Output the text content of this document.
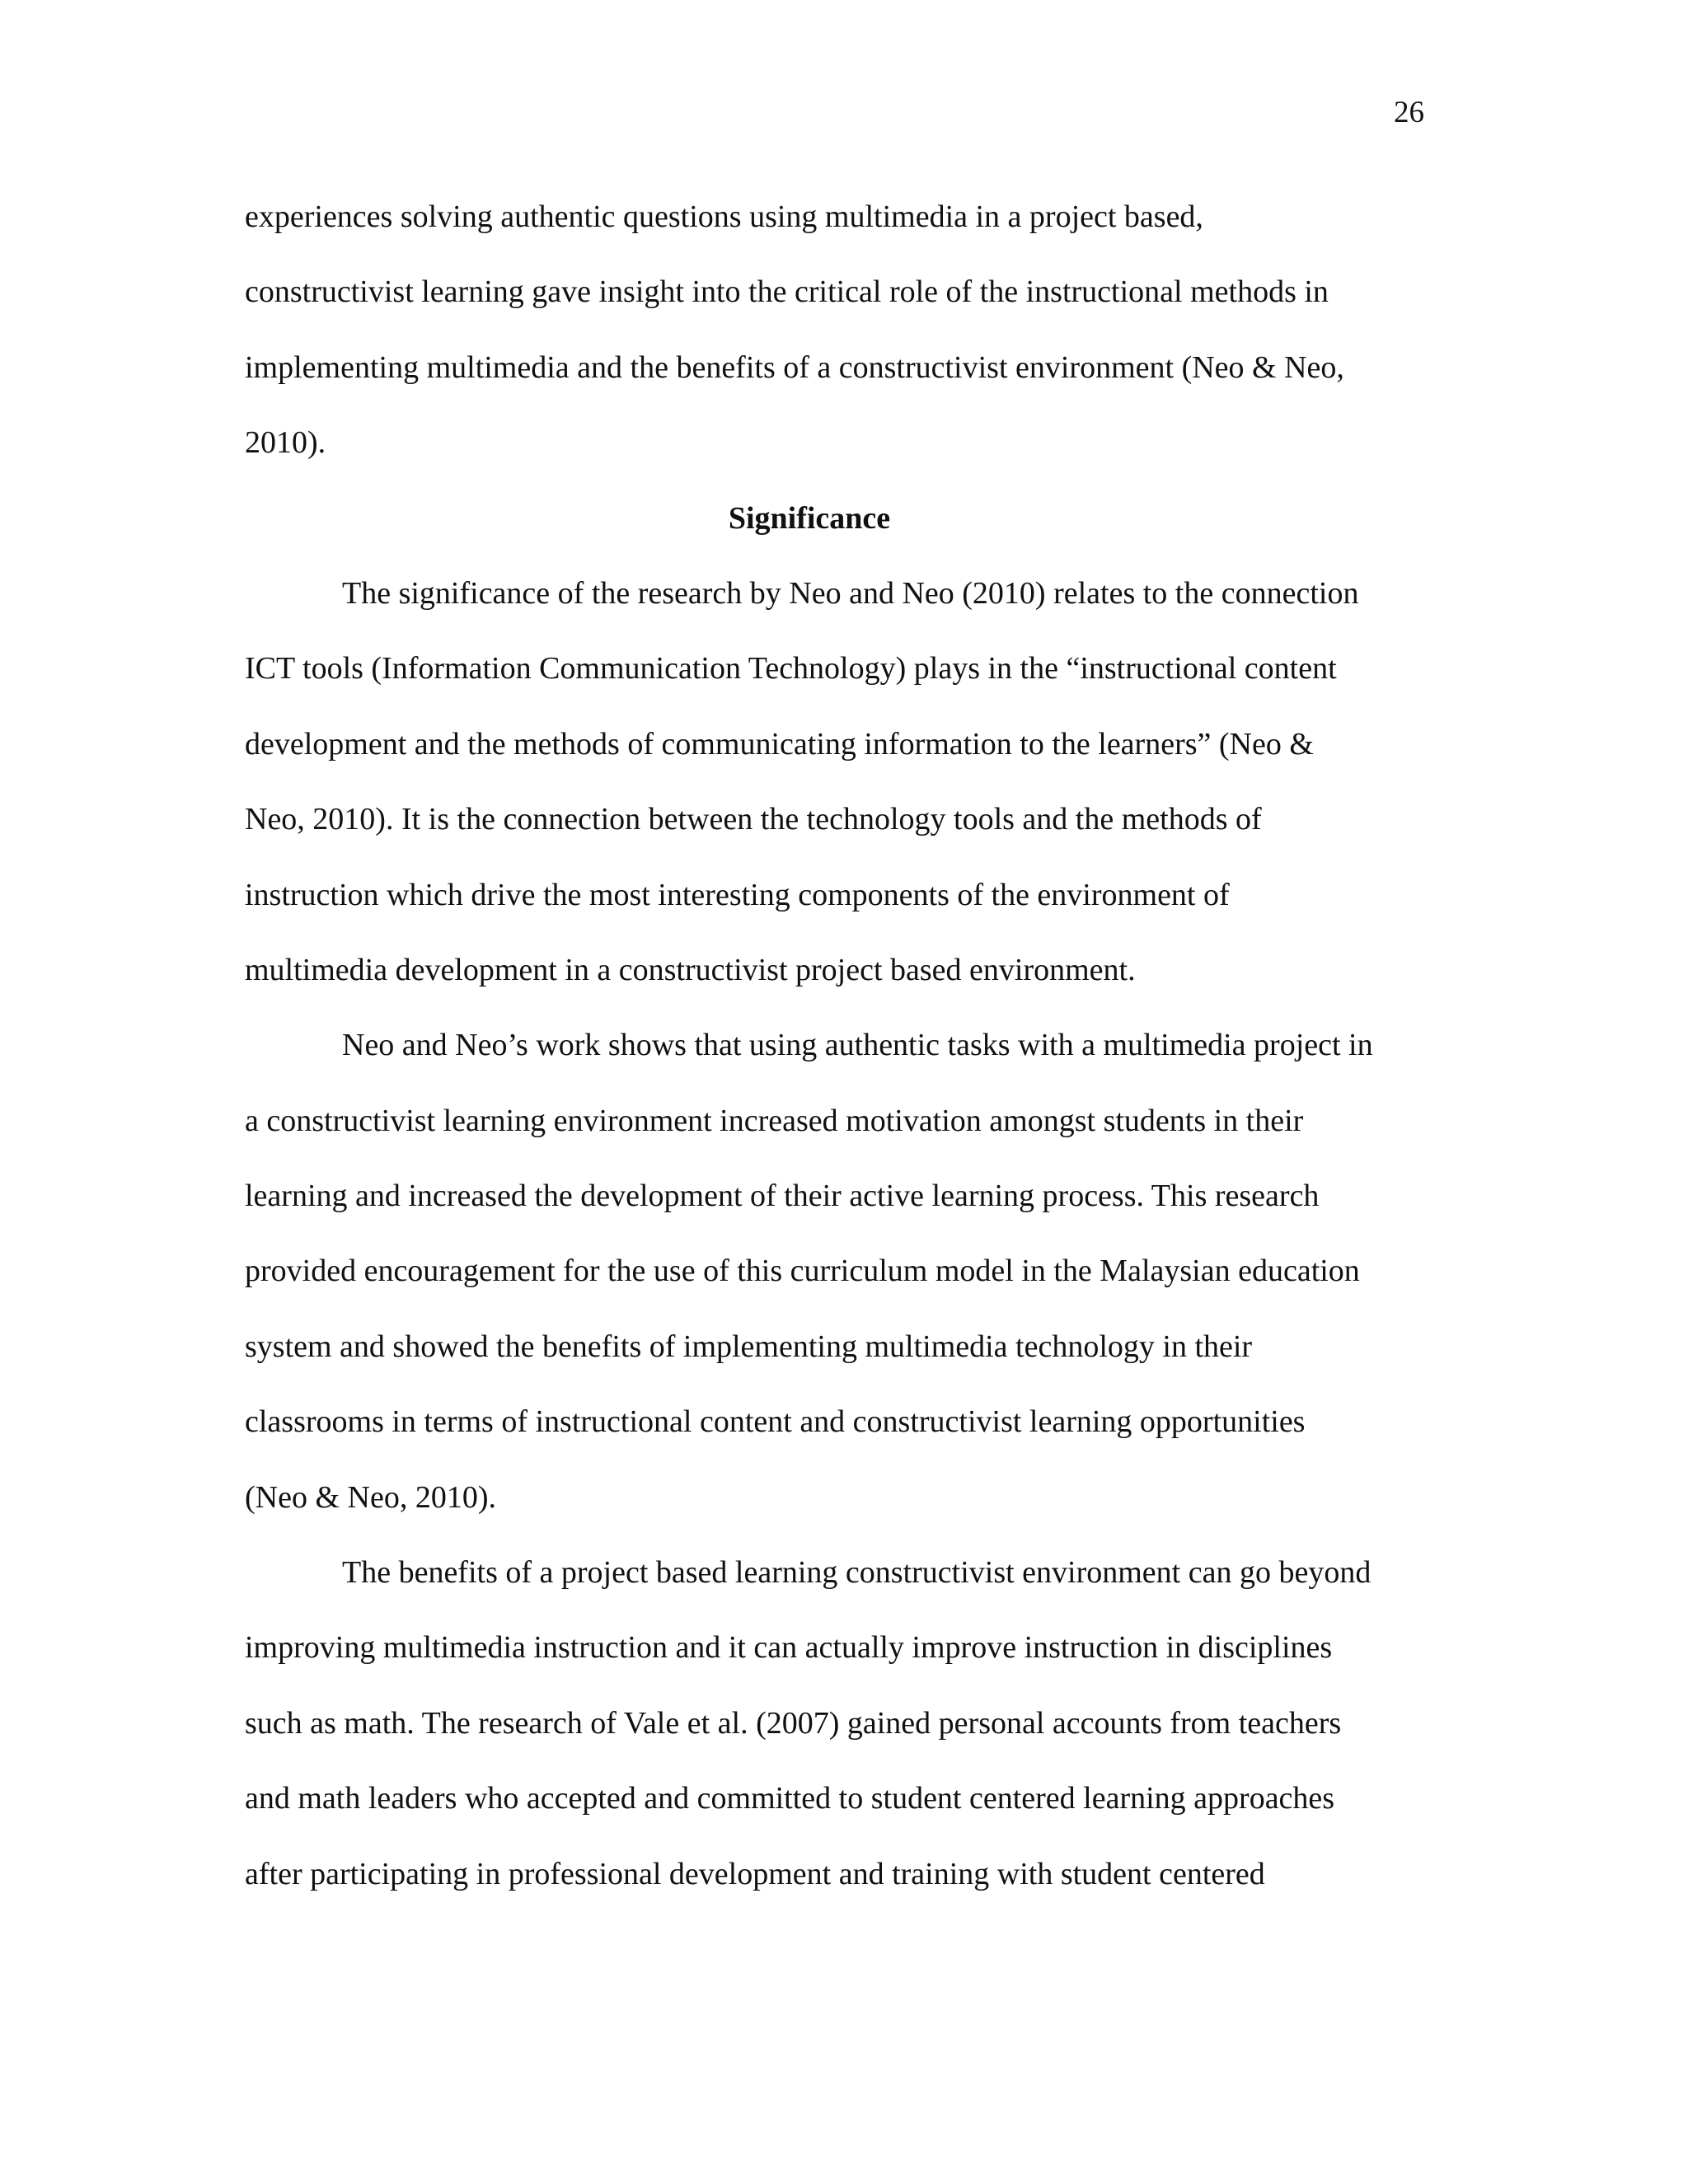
26
experiences solving authentic questions using multimedia in a project based,
constructivist learning gave insight into the critical role of the instructional methods in
implementing multimedia and the benefits of a constructivist environment (Neo & Neo,
2010).
Significance
The significance of the research by Neo and Neo (2010) relates to the connection
ICT tools (Information Communication Technology) plays in the “instructional content
development and the methods of communicating information to the learners” (Neo &
Neo, 2010). It is the connection between the technology tools and the methods of
instruction which drive the most interesting components of the environment of
multimedia development in a constructivist project based environment.
Neo and Neo’s work shows that using authentic tasks with a multimedia project in
a constructivist learning environment increased motivation amongst students in their
learning and increased the development of their active learning process. This research
provided encouragement for the use of this curriculum model in the Malaysian education
system and showed the benefits of implementing multimedia technology in their
classrooms in terms of instructional content and constructivist learning opportunities
(Neo & Neo, 2010).
The benefits of a project based learning constructivist environment can go beyond
improving multimedia instruction and it can actually improve instruction in disciplines
such as math. The research of Vale et al. (2007) gained personal accounts from teachers
and math leaders who accepted and committed to student centered learning approaches
after participating in professional development and training with student centered
